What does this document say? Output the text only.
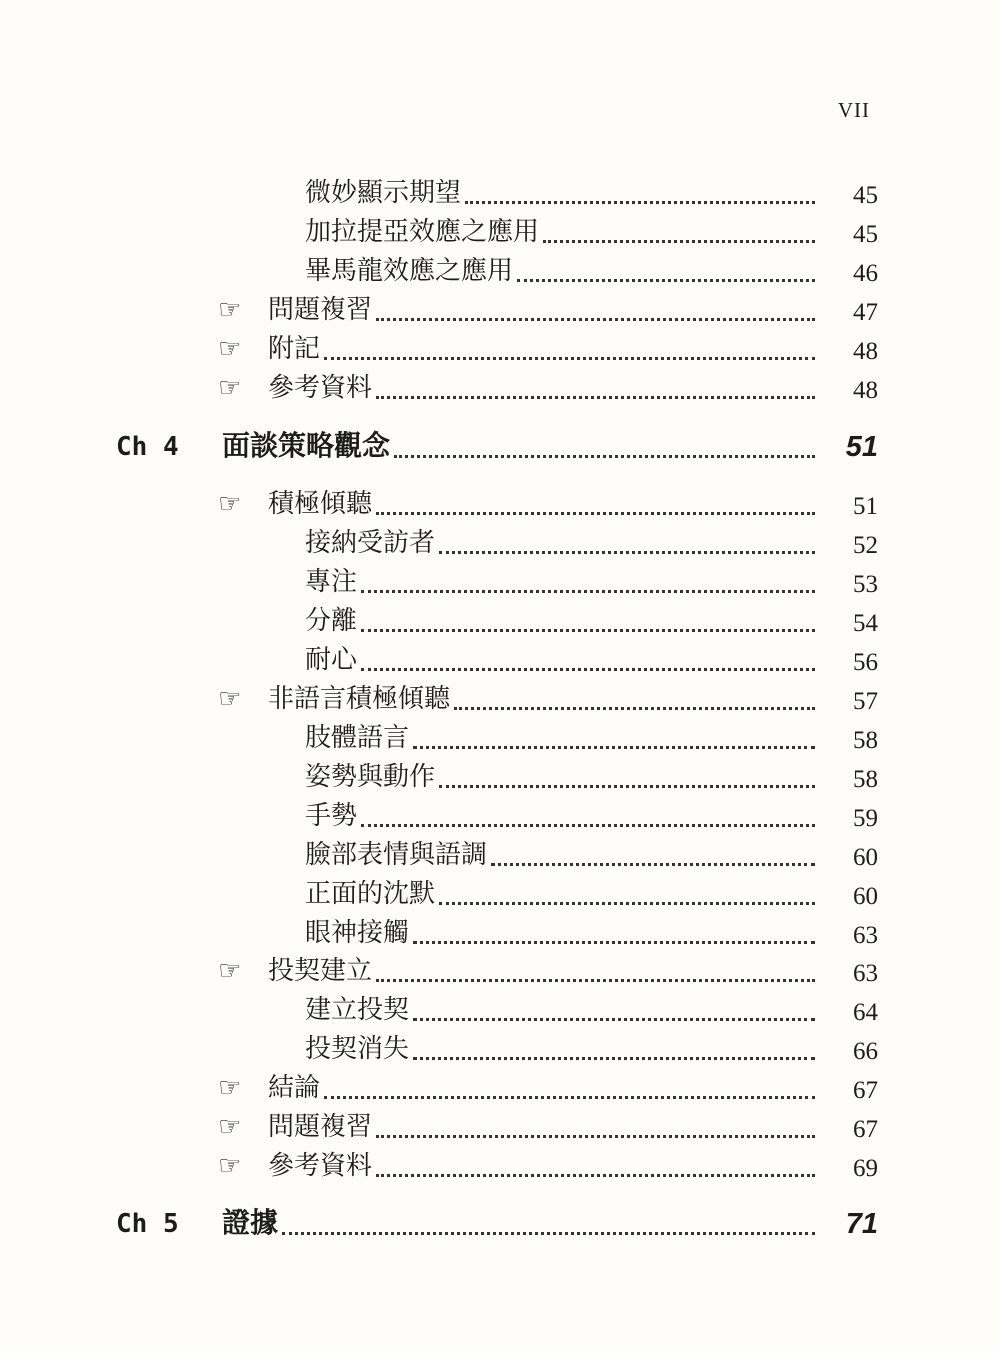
VII
微妙顯示期望	45
加拉提亞效應之應用	45
畢馬龍效應之應用	46
☞ 問題複習	47
☞ 附記	48
☞ 參考資料	48
Ch 4 面談策略觀念	51
☞ 積極傾聽	51
接納受訪者	52
專注	53
分離	54
耐心	56
☞ 非語言積極傾聽	57
肢體語言	58
姿勢與動作	58
手勢	59
臉部表情與語調	60
正面的沈默	60
眼神接觸	63
☞ 投契建立	63
建立投契	64
投契消失	66
☞ 結論	67
☞ 問題複習	67
☞ 參考資料	69
Ch 5 證據	71
